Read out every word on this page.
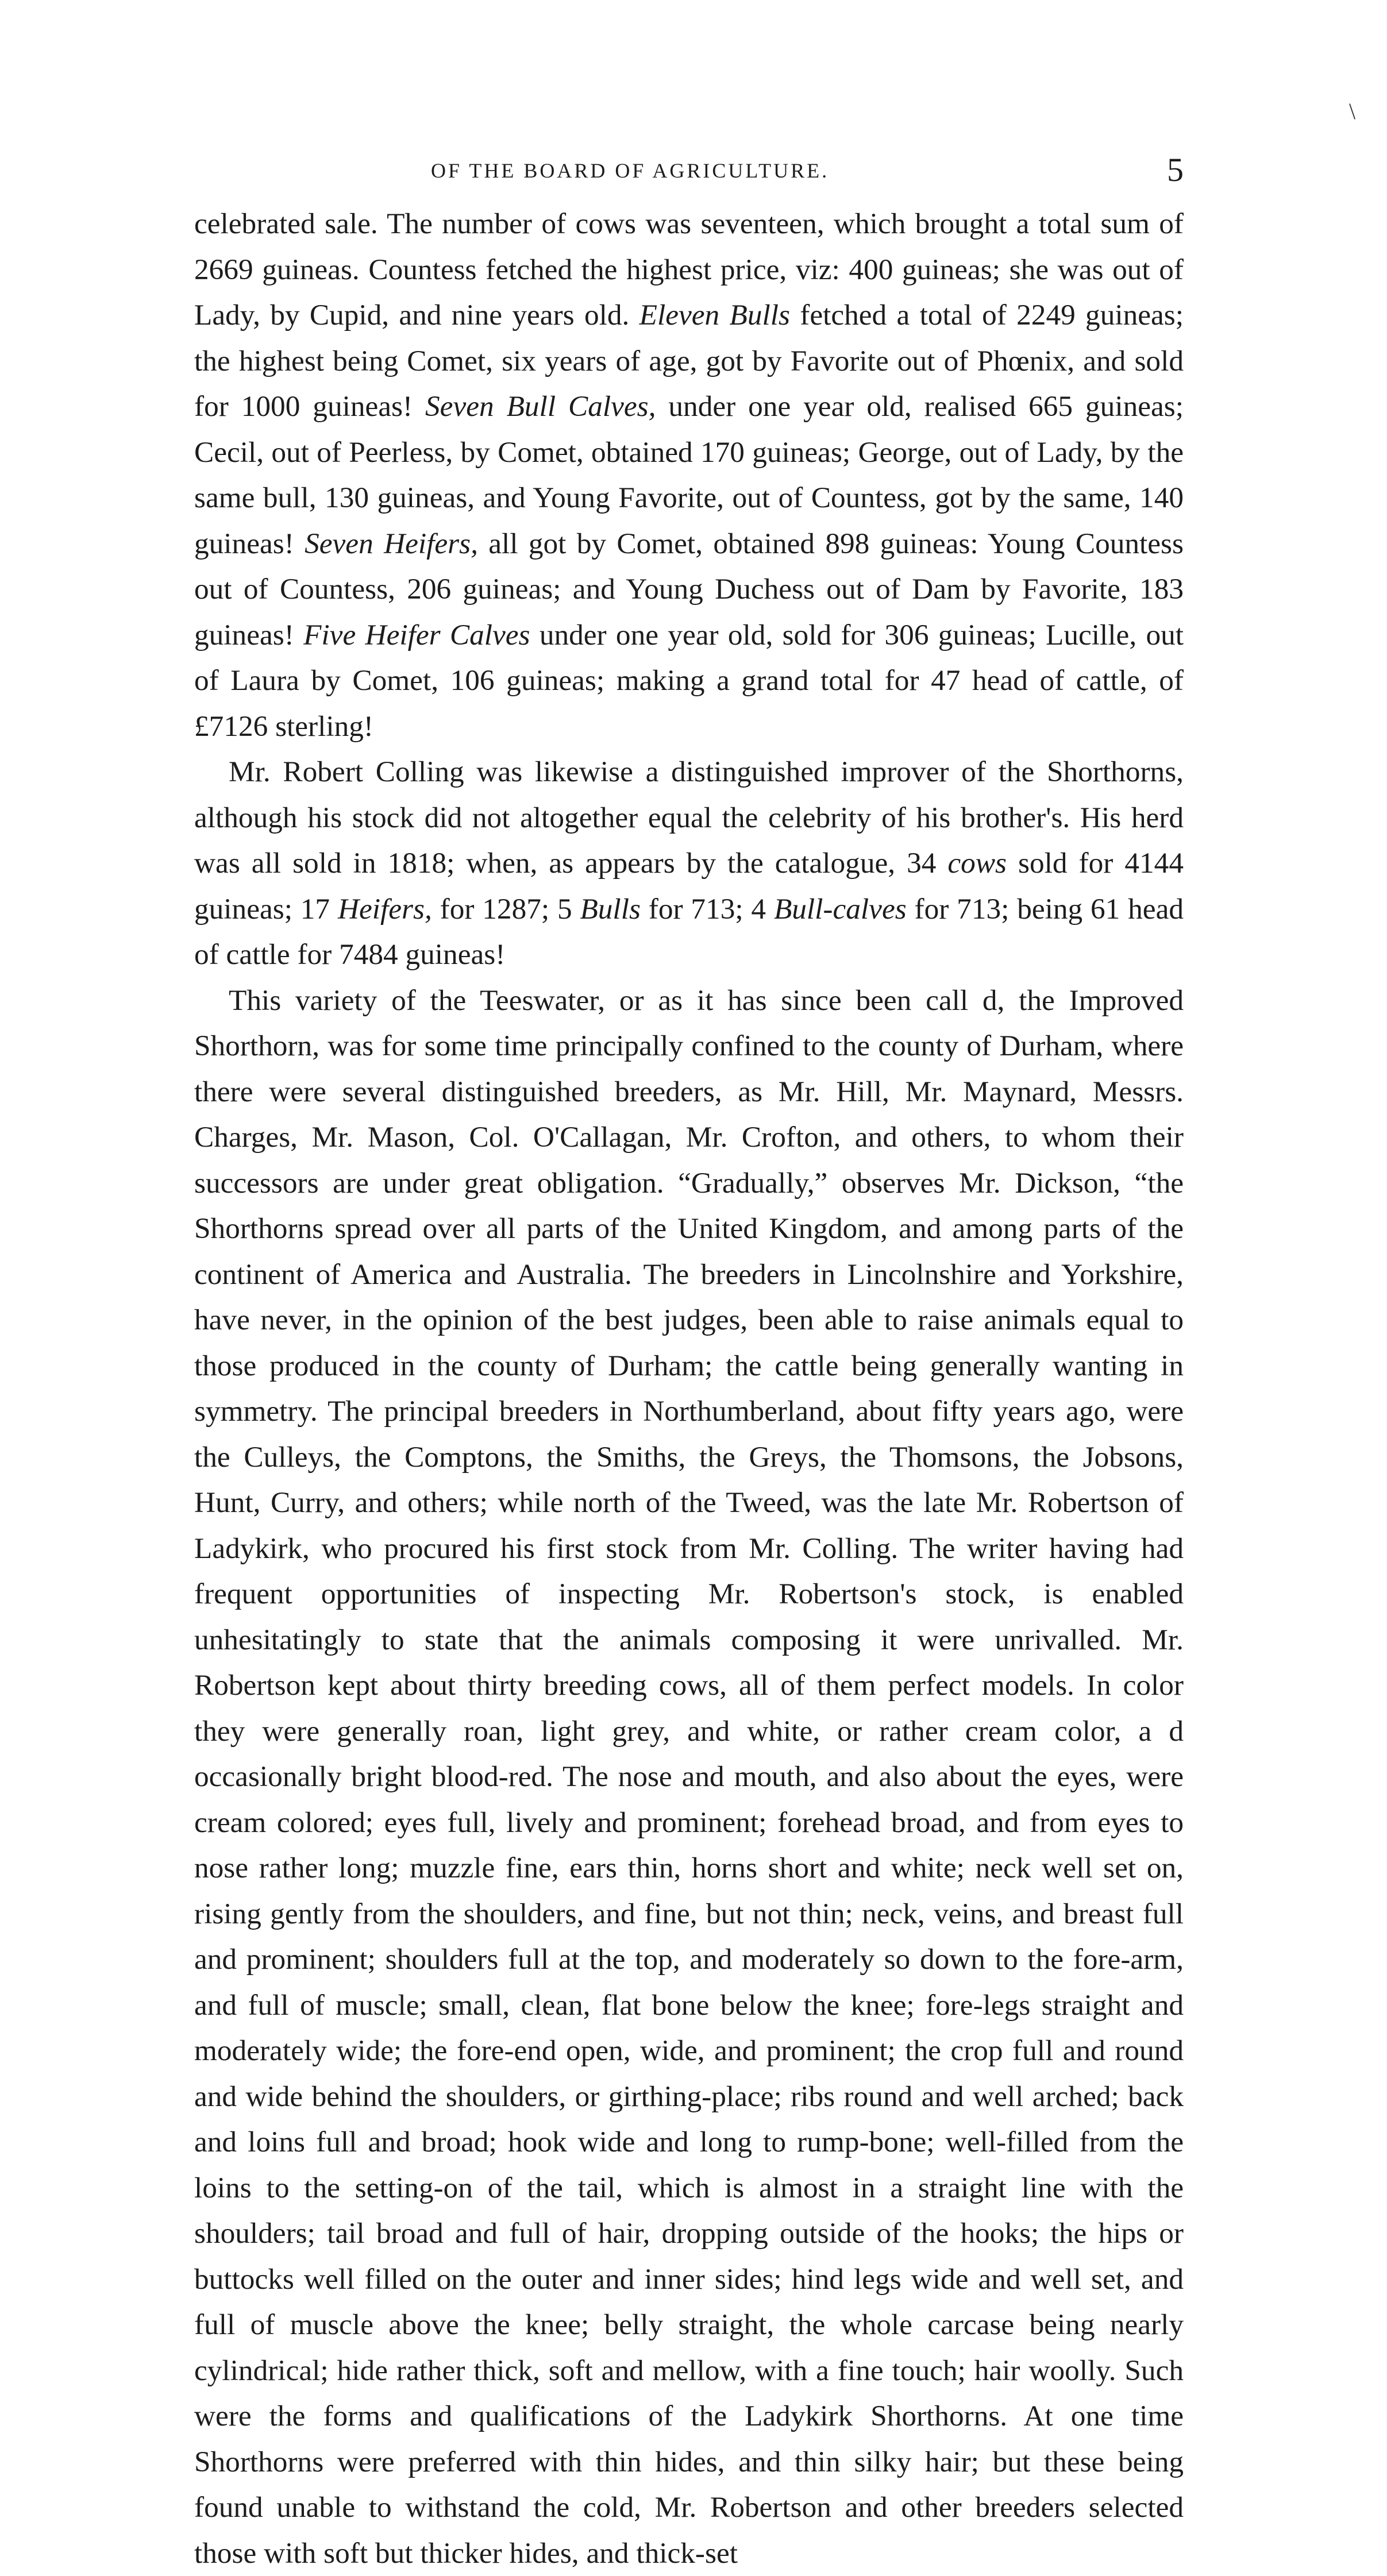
\
OF THE BOARD OF AGRICULTURE.	5

celebrated sale. The number of cows was seventeen, which brought a total sum of 2669 guineas. Countess fetched the highest price, viz: 400 guineas; she was out of Lady, by Cupid, and nine years old. Eleven Bulls fetched a total of 2249 guineas; the highest being Comet, six years of age, got by Favorite out of Phœnix, and sold for 1000 guineas! Seven Bull Calves, under one year old, realised 665 guineas; Cecil, out of Peerless, by Comet, obtained 170 guineas; George, out of Lady, by the same bull, 130 guineas, and Young Favorite, out of Countess, got by the same, 140 guineas! Seven Heifers, all got by Comet, obtained 898 guineas: Young Countess out of Countess, 206 guineas; and Young Duchess out of Dam by Favorite, 183 guineas! Five Heifer Calves under one year old, sold for 306 guineas; Lucille, out of Laura by Comet, 106 guineas; making a grand total for 47 head of cattle, of £7126 sterling!

Mr. Robert Colling was likewise a distinguished improver of the Shorthorns, although his stock did not altogether equal the celebrity of his brother's. His herd was all sold in 1818; when, as appears by the catalogue, 34 cows sold for 4144 guineas; 17 Heifers, for 1287; 5 Bulls for 713; 4 Bull-calves for 713; being 61 head of cattle for 7484 guineas!

This variety of the Teeswater, or as it has since been call d, the Improved Shorthorn, was for some time principally confined to the county of Durham, where there were several distinguished breeders, as Mr. Hill, Mr. Maynard, Messrs. Charges, Mr. Mason, Col. O'Callagan, Mr. Crofton, and others, to whom their successors are under great obligation. “Gradually,” observes Mr. Dickson, “the Shorthorns spread over all parts of the United Kingdom, and among parts of the continent of America and Australia. The breeders in Lincolnshire and Yorkshire, have never, in the opinion of the best judges, been able to raise animals equal to those produced in the county of Durham; the cattle being generally wanting in symmetry. The principal breeders in Northumberland, about fifty years ago, were the Culleys, the Comptons, the Smiths, the Greys, the Thomsons, the Jobsons, Hunt, Curry, and others; while north of the Tweed, was the late Mr. Robertson of Ladykirk, who procured his first stock from Mr. Colling. The writer having had frequent opportunities of inspecting Mr. Robertson's stock, is enabled unhesitatingly to state that the animals composing it were unrivalled. Mr. Robertson kept about thirty breeding cows, all of them perfect models. In color they were generally roan, light grey, and white, or rather cream color, a d occasionally bright blood-red. The nose and mouth, and also about the eyes, were cream colored; eyes full, lively and prominent; forehead broad, and from eyes to nose rather long; muzzle fine, ears thin, horns short and white; neck well set on, rising gently from the shoulders, and fine, but not thin; neck, veins, and breast full and prominent; shoulders full at the top, and moderately so down to the fore-arm, and full of muscle; small, clean, flat bone below the knee; fore-legs straight and moderately wide; the fore-end open, wide, and prominent; the crop full and round and wide behind the shoulders, or girthing-place; ribs round and well arched; back and loins full and broad; hook wide and long to rump-bone; well-filled from the loins to the setting-on of the tail, which is almost in a straight line with the shoulders; tail broad and full of hair, dropping outside of the hooks; the hips or buttocks well filled on the outer and inner sides; hind legs wide and well set, and full of muscle above the knee; belly straight, the whole carcase being nearly cylindrical; hide rather thick, soft and mellow, with a fine touch; hair woolly. Such were the forms and qualifications of the Ladykirk Shorthorns. At one time Shorthorns were preferred with thin hides, and thin silky hair; but these being found unable to withstand the cold, Mr. Robertson and other breeders selected those with soft but thicker hides, and thick-set
